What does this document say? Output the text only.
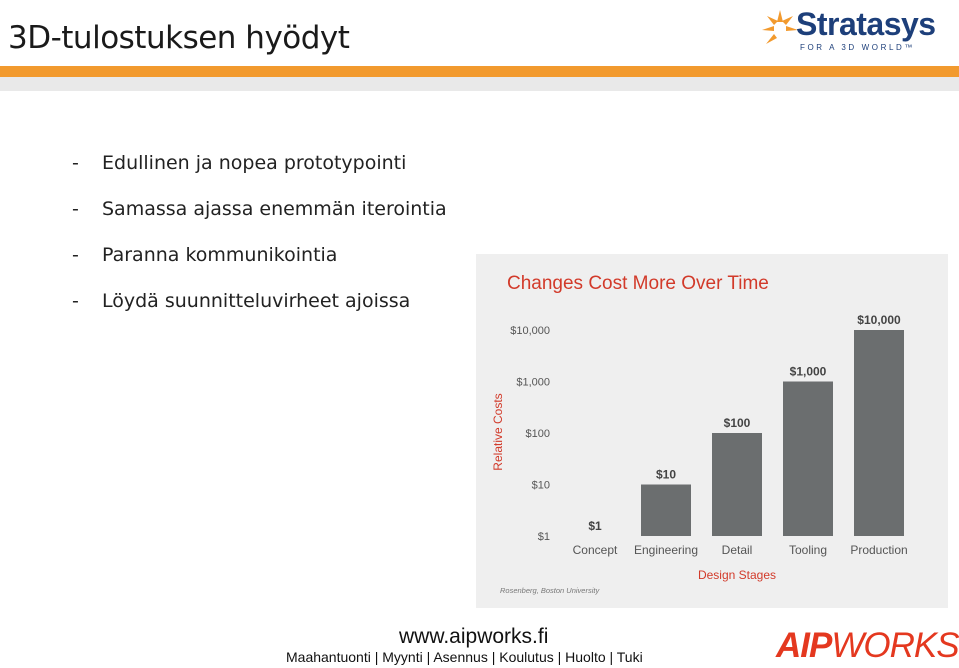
3D-tulostuksen hyödyt	Stratasys
FOR A 3D WORLD™
- Edullinen ja nopea prototypointi
- Samassa ajassa enemmän iterointia
- Paranna kommunikointia
- Löydä suunnitteluvirheet ajoissa
Changes Cost More Over Time
Relative Costs
Design Stages
Rosenberg, Boston University
$1
$10
$100
$1,000
$10,000
$1
Concept
$10
Engineering
$100
Detail
$1,000
Tooling
$10,000
Production
www.aipworks.fi
Maahantuonti | Myynti | Asennus | Koulutus | Huolto | Tuki	AIPWORKS
